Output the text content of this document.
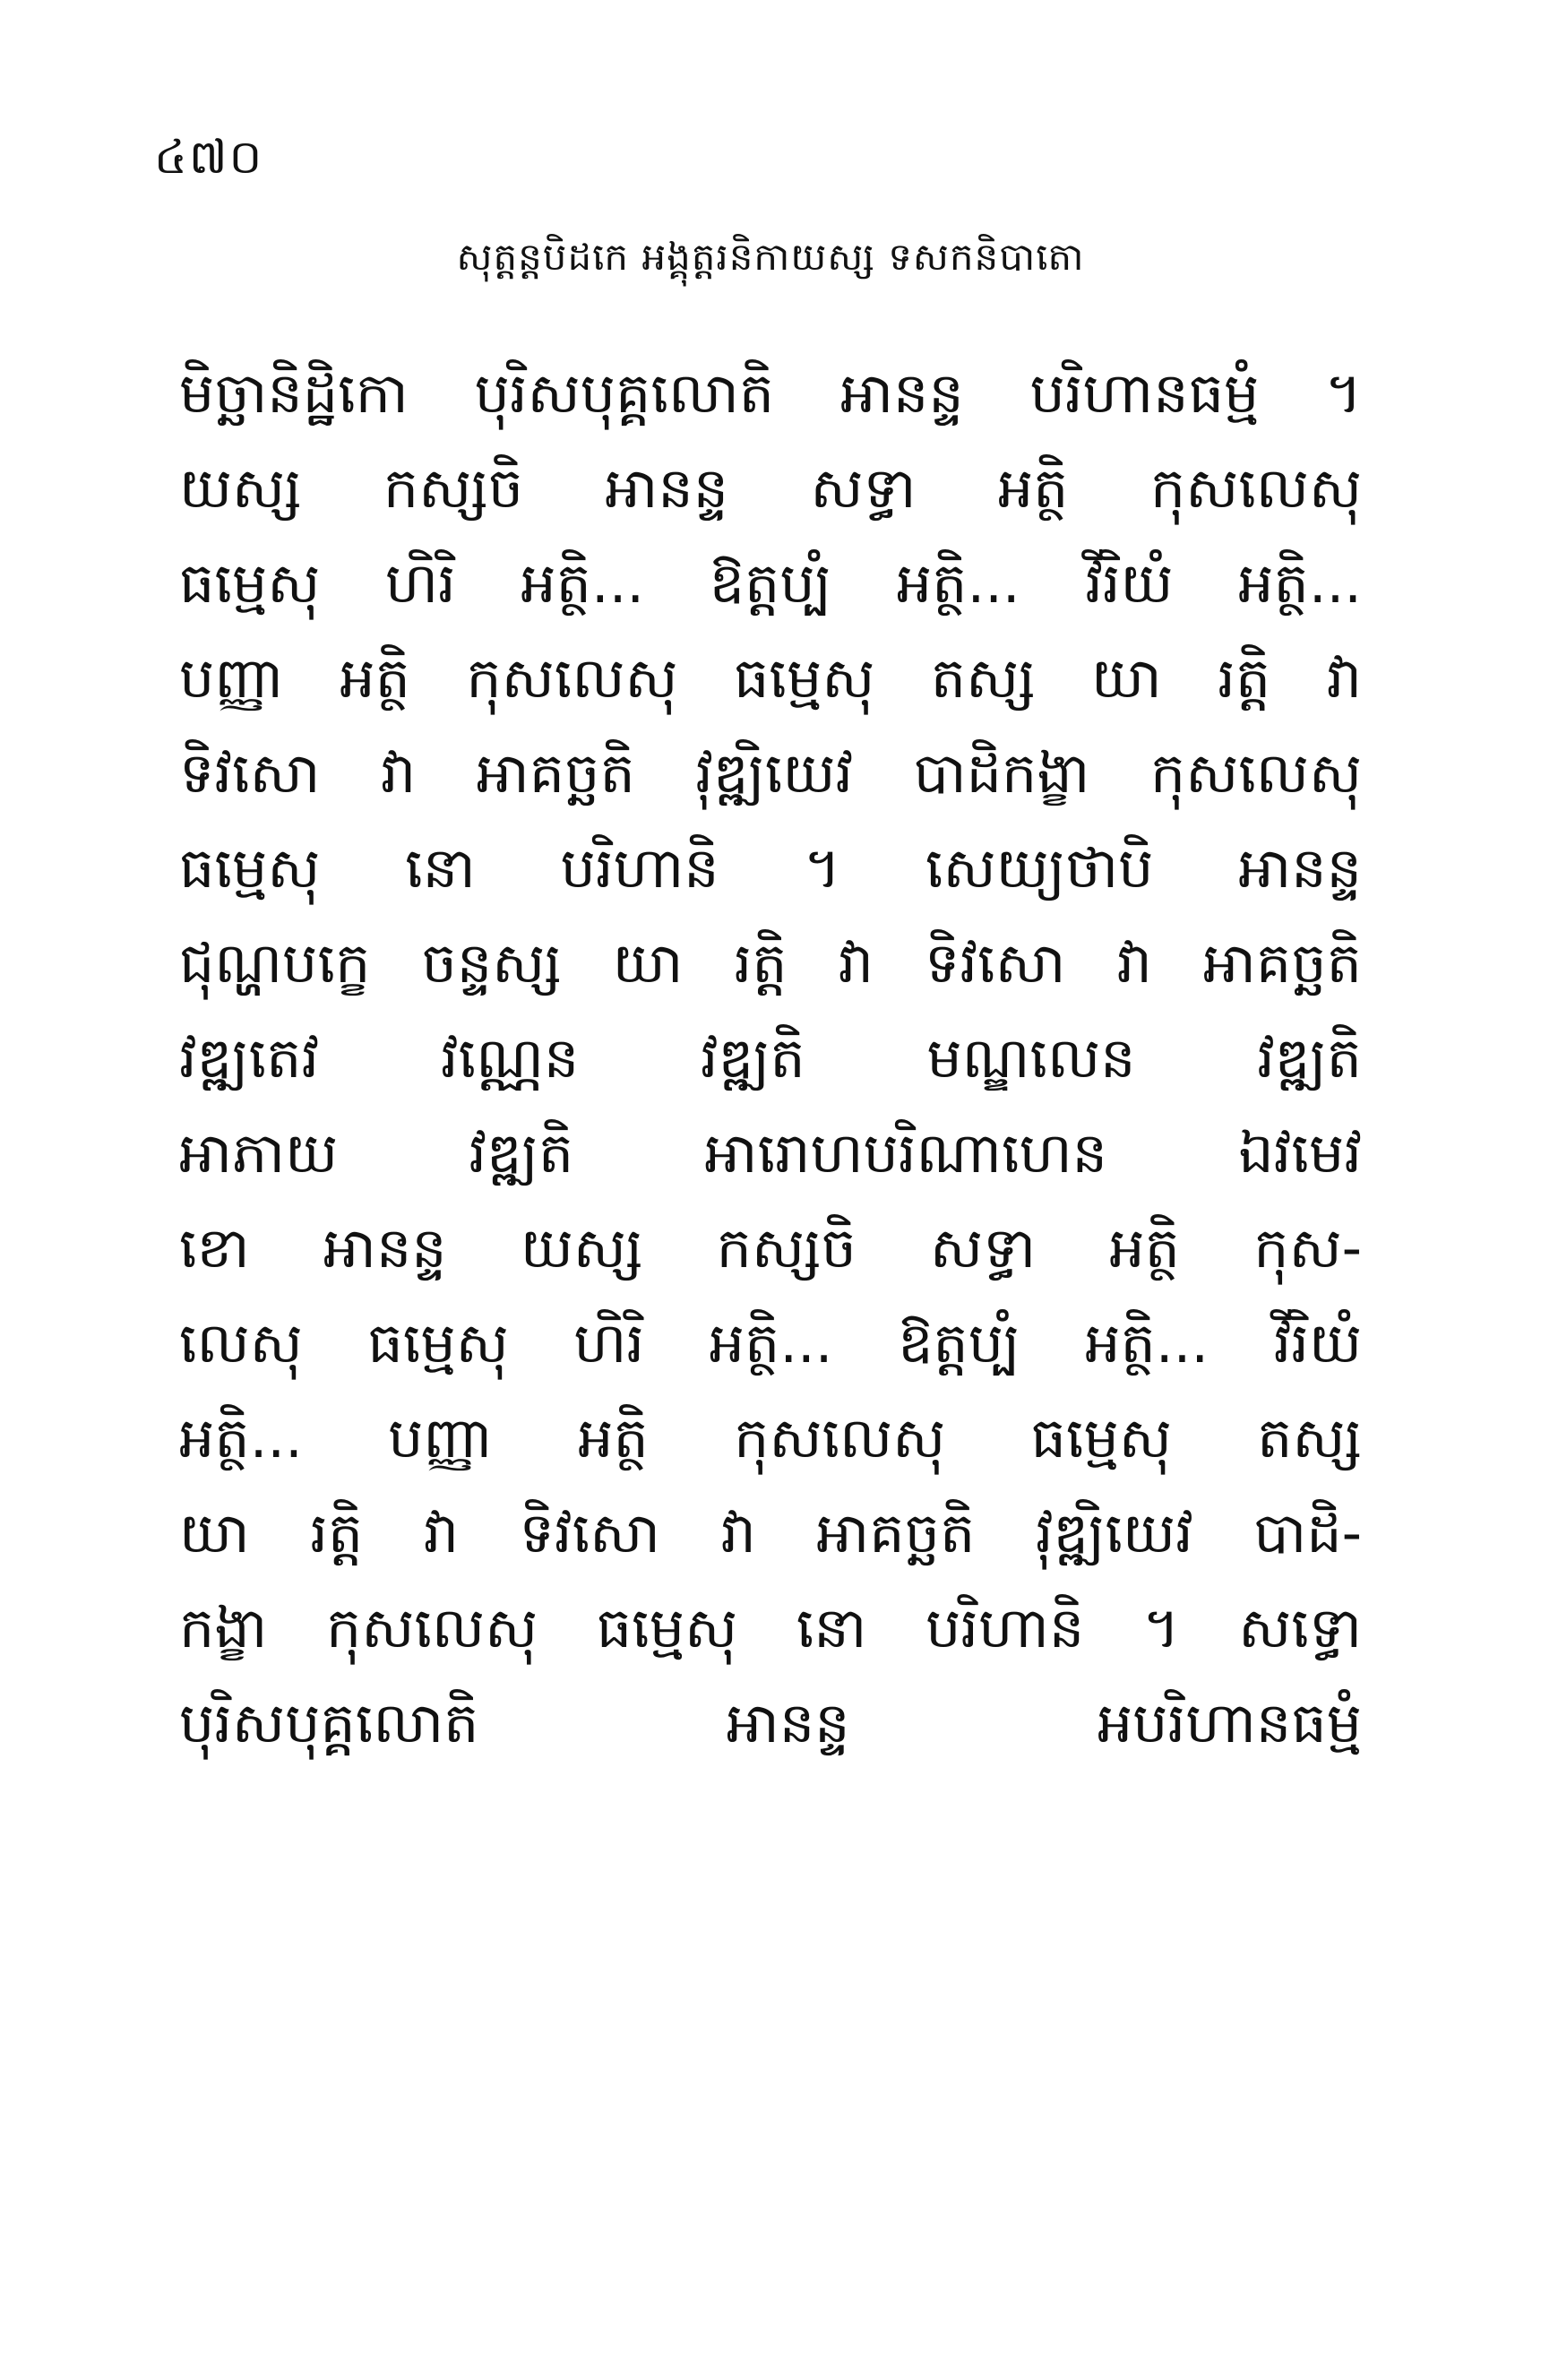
៤៧០
សុត្តន្តបិដកេ អង្គុត្តរនិកាយស្ស ទសកនិបាតោ
មិច្ឆានិដ្ឋិកោ បុរិសបុគ្គលោតិ អានន្ទ បរិហានធម្មំ ។
យស្ស កស្សចិ អានន្ទ សទ្ធា អត្ថិ កុសលេសុ
ធម្មេសុ ហិរិ អត្ថិ... ឱត្តប្បំ អត្ថិ... វីរិយំ អត្ថិ...
បញ្ញា អត្ថិ កុសលេសុ ធម្មេសុ តស្ស យា រត្តិ វា
ទិវសោ វា អាគច្ឆតិ វុឌ្ឍិយេវ បាដិកង្ខា កុសលេសុ
ធម្មេសុ នោ បរិហានិ ។ សេយ្យថាបិ អានន្ទ
ជុណ្ហបក្ខេ ចន្ទស្ស យា រត្តិ វា ទិវសោ វា អាគច្ឆតិ
វឌ្ឍតេវ វណ្ណេន វឌ្ឍតិ មណ្ឌលេន វឌ្ឍតិ
អាភាយ វឌ្ឍតិ អារោហបរិណាហេន ឯវមេវ
ខោ អានន្ទ យស្ស កស្សចិ សទ្ធា អត្ថិ កុស-
លេសុ ធម្មេសុ ហិរិ អត្ថិ... ឱត្តប្បំ អត្ថិ... វីរិយំ
អត្ថិ... បញ្ញា អត្ថិ កុសលេសុ ធម្មេសុ តស្ស
យា រត្តិ វា ទិវសោ វា អាគច្ឆតិ វុឌ្ឍិយេវ បាដិ-
កង្ខា កុសលេសុ ធម្មេសុ នោ បរិហានិ ។ សទ្ធោ
បុរិសបុគ្គលោតិ អានន្ទ អបរិហានធម្មំ
